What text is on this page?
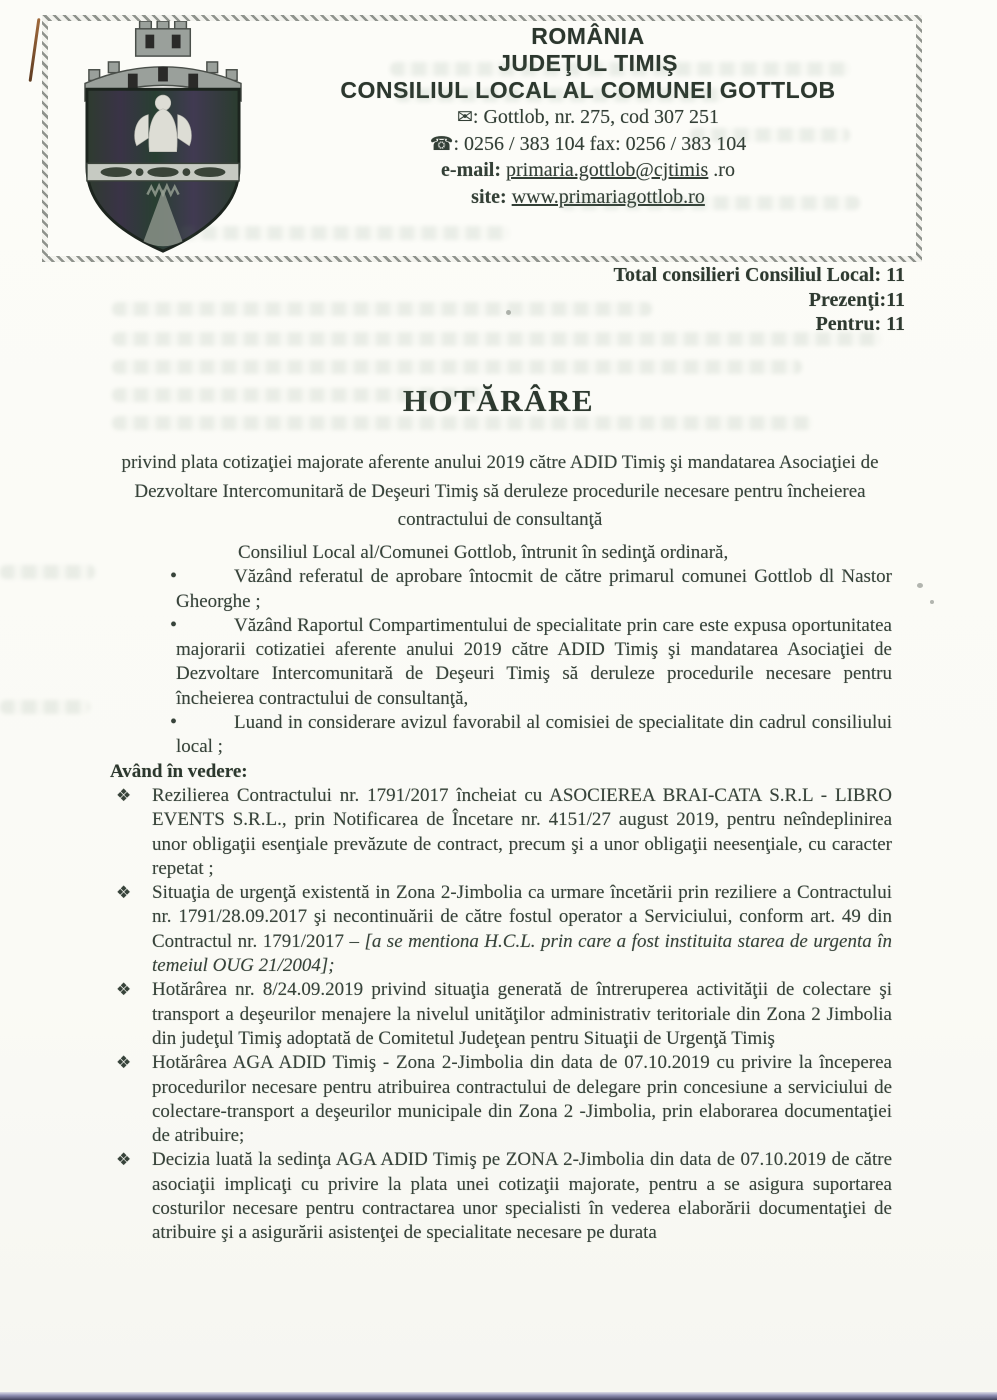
ROMÂNIA

JUDEŢUL TIMIŞ

CONSILIUL LOCAL AL COMUNEI GOTTLOB

✉: Gottlob, nr. 275, cod 307 251

☎: 0256 / 383 104 fax: 0256 / 383 104

e-mail: primaria.gottlob@cjtimis .ro

site: www.primariagottlob.ro

Total consilieri Consiliul Local: 11
Prezenţi:11
Pentru: 11
HOTĂRÂRE

privind plata cotizaţiei majorate aferente anului 2019 către ADID Timiş şi mandatarea Asociaţiei de Dezvoltare Intercomunitară de Deşeuri Timiş să deruleze procedurile necesare pentru încheierea contractului de consultanţă

Consiliul Local al/Comunei Gottlob, întrunit în sedinţă ordinară,

•	Văzând referatul de aprobare întocmit de către primarul comunei Gottlob dl Nastor Gheorghe ;

•	Văzând Raportul Compartimentului de specialitate prin care este expusa oportunitatea majorarii cotizatiei aferente anului 2019 către ADID Timiş şi mandatarea Asociaţiei de Dezvoltare Intercomunitară de Deşeuri Timiş să deruleze procedurile necesare pentru încheierea contractului de consultanţă,

•	Luand in considerare avizul favorabil al comisiei de specialitate din cadrul consiliului local ;

Având în vedere:

❖ Rezilierea Contractului nr. 1791/2017 încheiat cu ASOCIEREA BRAI-CATA S.R.L - LIBRO EVENTS S.R.L., prin Notificarea de Încetare nr. 4151/27 august 2019, pentru neîndeplinirea unor obligaţii esenţiale prevăzute de contract, precum şi a unor obligaţii neesenţiale, cu caracter repetat ;

❖ Situaţia de urgenţă existentă in Zona 2-Jimbolia ca urmare încetării prin reziliere a Contractului nr. 1791/28.09.2017 şi necontinuării de către fostul operator a Serviciului, conform art. 49 din Contractul nr. 1791/2017 – [a se mentiona H.C.L. prin care a fost instituita starea de urgenta în temeiul OUG 21/2004];

❖ Hotărârea nr. 8/24.09.2019 privind situaţia generată de întreruperea activităţii de colectare şi transport a deşeurilor menajere la nivelul unităţilor administrativ teritoriale din Zona 2 Jimbolia din judeţul Timiş adoptată de Comitetul Judeţean pentru Situaţii de Urgenţă Timiş

❖ Hotărârea AGA ADID Timiş - Zona 2-Jimbolia din data de 07.10.2019 cu privire la începerea procedurilor necesare pentru atribuirea contractului de delegare prin concesiune a serviciului de colectare-transport a deşeurilor municipale din Zona 2 -Jimbolia, prin elaborarea documentaţiei de atribuire;

❖ Decizia luată la sedinţa AGA ADID Timiş pe ZONA 2-Jimbolia din data de 07.10.2019 de către asociaţii implicaţi cu privire la plata unei cotizaţii majorate, pentru a se asigura suportarea costurilor necesare pentru contractarea unor specialisti în vederea elaborării documentaţiei de atribuire şi a asigurării asistenţei de specialitate necesare pe durata
